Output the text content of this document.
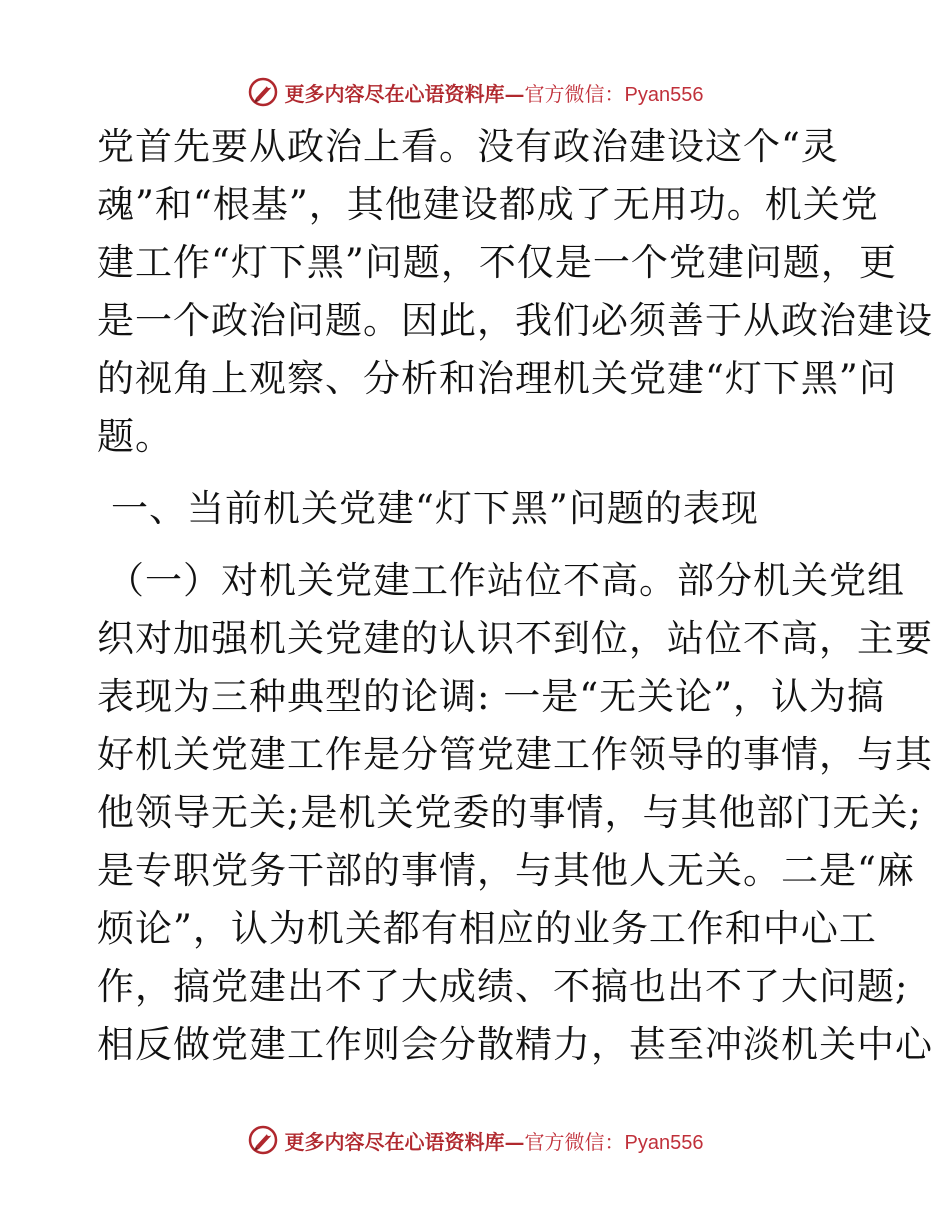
更多内容尽在心语资料库—官方微信：Pyan556
党首先要从政治上看。没有政治建设这个“灵
魂”和“根基”，其他建设都成了无用功。机关党
建工作“灯下黑”问题，不仅是一个党建问题，更
是一个政治问题。因此，我们必须善于从政治建设
的视角上观察、分析和治理机关党建“灯下黑”问
题。
一、当前机关党建“灯下黑”问题的表现
（一）对机关党建工作站位不高。部分机关党组
织对加强机关党建的认识不到位，站位不高，主要
表现为三种典型的论调: 一是“无关论”，认为搞
好机关党建工作是分管党建工作领导的事情，与其
他领导无关;是机关党委的事情，与其他部门无关;
是专职党务干部的事情，与其他人无关。二是“麻
烦论”，认为机关都有相应的业务工作和中心工
作，搞党建出不了大成绩、不搞也出不了大问题;
相反做党建工作则会分散精力，甚至冲淡机关中心
更多内容尽在心语资料库—官方微信：Pyan556
